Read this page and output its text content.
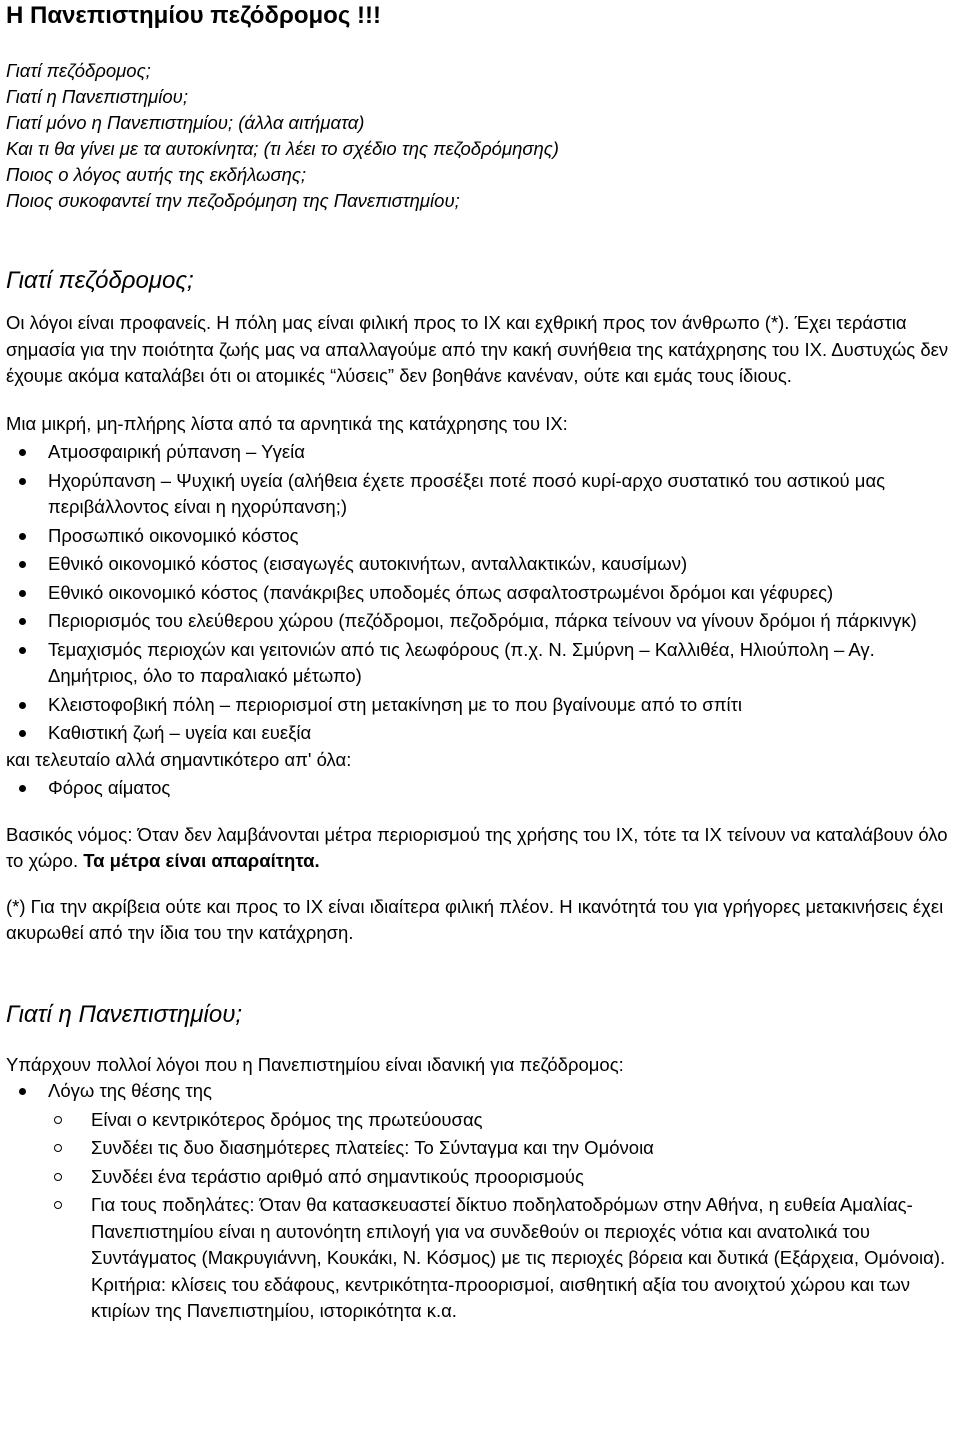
Η Πανεπιστημίου πεζόδρομος !!!
Γιατί πεζόδρομος;
Γιατί η Πανεπιστημίου;
Γιατί μόνο η Πανεπιστημίου; (άλλα αιτήματα)
Και τι θα γίνει με τα αυτοκίνητα; (τι λέει το σχέδιο της πεζοδρόμησης)
Ποιος ο λόγος αυτής της εκδήλωσης;
Ποιος συκοφαντεί την πεζοδρόμηση της Πανεπιστημίου;
Γιατί πεζόδρομος;

Οι λόγοι είναι προφανείς. Η πόλη μας είναι φιλική προς το ΙΧ και εχθρική προς τον άνθρωπο (*). Έχει τεράστια σημασία για την ποιότητα ζωής μας να απαλλαγούμε από την κακή συνήθεια της κατάχρησης του ΙΧ. Δυστυχώς δεν έχουμε ακόμα καταλάβει ότι οι ατομικές “λύσεις” δεν βοηθάνε κανέναν, ούτε και εμάς τους ίδιους.

Μια μικρή, μη-πλήρης λίστα από τα αρνητικά της κατάχρησης του ΙΧ:

Ατμοσφαιρική ρύπανση – Υγεία
Ηχορύπανση – Ψυχική υγεία (αλήθεια έχετε προσέξει ποτέ ποσό κυρί-αρχο συστατικό του αστικού μας περιβάλλοντος είναι η ηχορύπανση;)
Προσωπικό οικονομικό κόστος
Εθνικό οικονομικό κόστος (εισαγωγές αυτοκινήτων, ανταλλακτικών, καυσίμων)
Εθνικό οικονομικό κόστος (πανάκριβες υποδομές όπως ασφαλτοστρωμένοι δρόμοι και γέφυρες)
Περιορισμός του ελεύθερου χώρου (πεζόδρομοι, πεζοδρόμια, πάρκα τείνουν να γίνουν δρόμοι ή πάρκινγκ)
Τεμαχισμός περιοχών και γειτονιών από τις λεωφόρους (π.χ. Ν. Σμύρνη – Καλλιθέα, Ηλιούπολη – Αγ. Δημήτριος, όλο το παραλιακό μέτωπο)
Κλειστοφοβική πόλη – περιορισμοί στη μετακίνηση με το που βγαίνουμε από το σπίτι
Καθιστική ζωή – υγεία και ευεξία

και τελευταίο αλλά σημαντικότερο απ' όλα:

Φόρος αίματος

Βασικός νόμος: Όταν δεν λαμβάνονται μέτρα περιορισμού της χρήσης του ΙΧ, τότε τα ΙΧ τείνουν να καταλάβουν όλο το χώρο. Τα μέτρα είναι απαραίτητα.

(*) Για την ακρίβεια ούτε και προς το ΙΧ είναι ιδιαίτερα φιλική πλέον. Η ικανότητά του για γρήγορες μετακινήσεις έχει ακυρωθεί από την ίδια του την κατάχρηση.

Γιατί η Πανεπιστημίου;

Υπάρχουν πολλοί λόγοι που η Πανεπιστημίου είναι ιδανική για πεζόδρομος:

Λόγω της θέσης της
Είναι ο κεντρικότερος δρόμος της πρωτεύουσας
Συνδέει τις δυο διασημότερες πλατείες: Το Σύνταγμα και την Ομόνοια
Συνδέει ένα τεράστιο αριθμό από σημαντικούς προορισμούς
Για τους ποδηλάτες: Όταν θα κατασκευαστεί δίκτυο ποδηλατοδρόμων στην Αθήνα, η ευθεία Αμαλίας-Πανεπιστημίου είναι η αυτονόητη επιλογή για να συνδεθούν οι περιοχές νότια και ανατολικά του Συντάγματος (Μακρυγιάννη, Κουκάκι, Ν. Κόσμος) με τις περιοχές βόρεια και δυτικά (Εξάρχεια, Ομόνοια). Κριτήρια: κλίσεις του εδάφους, κεντρικότητα-προορισμοί, αισθητική αξία του ανοιχτού χώρου και των κτιρίων της Πανεπιστημίου, ιστορικότητα κ.α.
